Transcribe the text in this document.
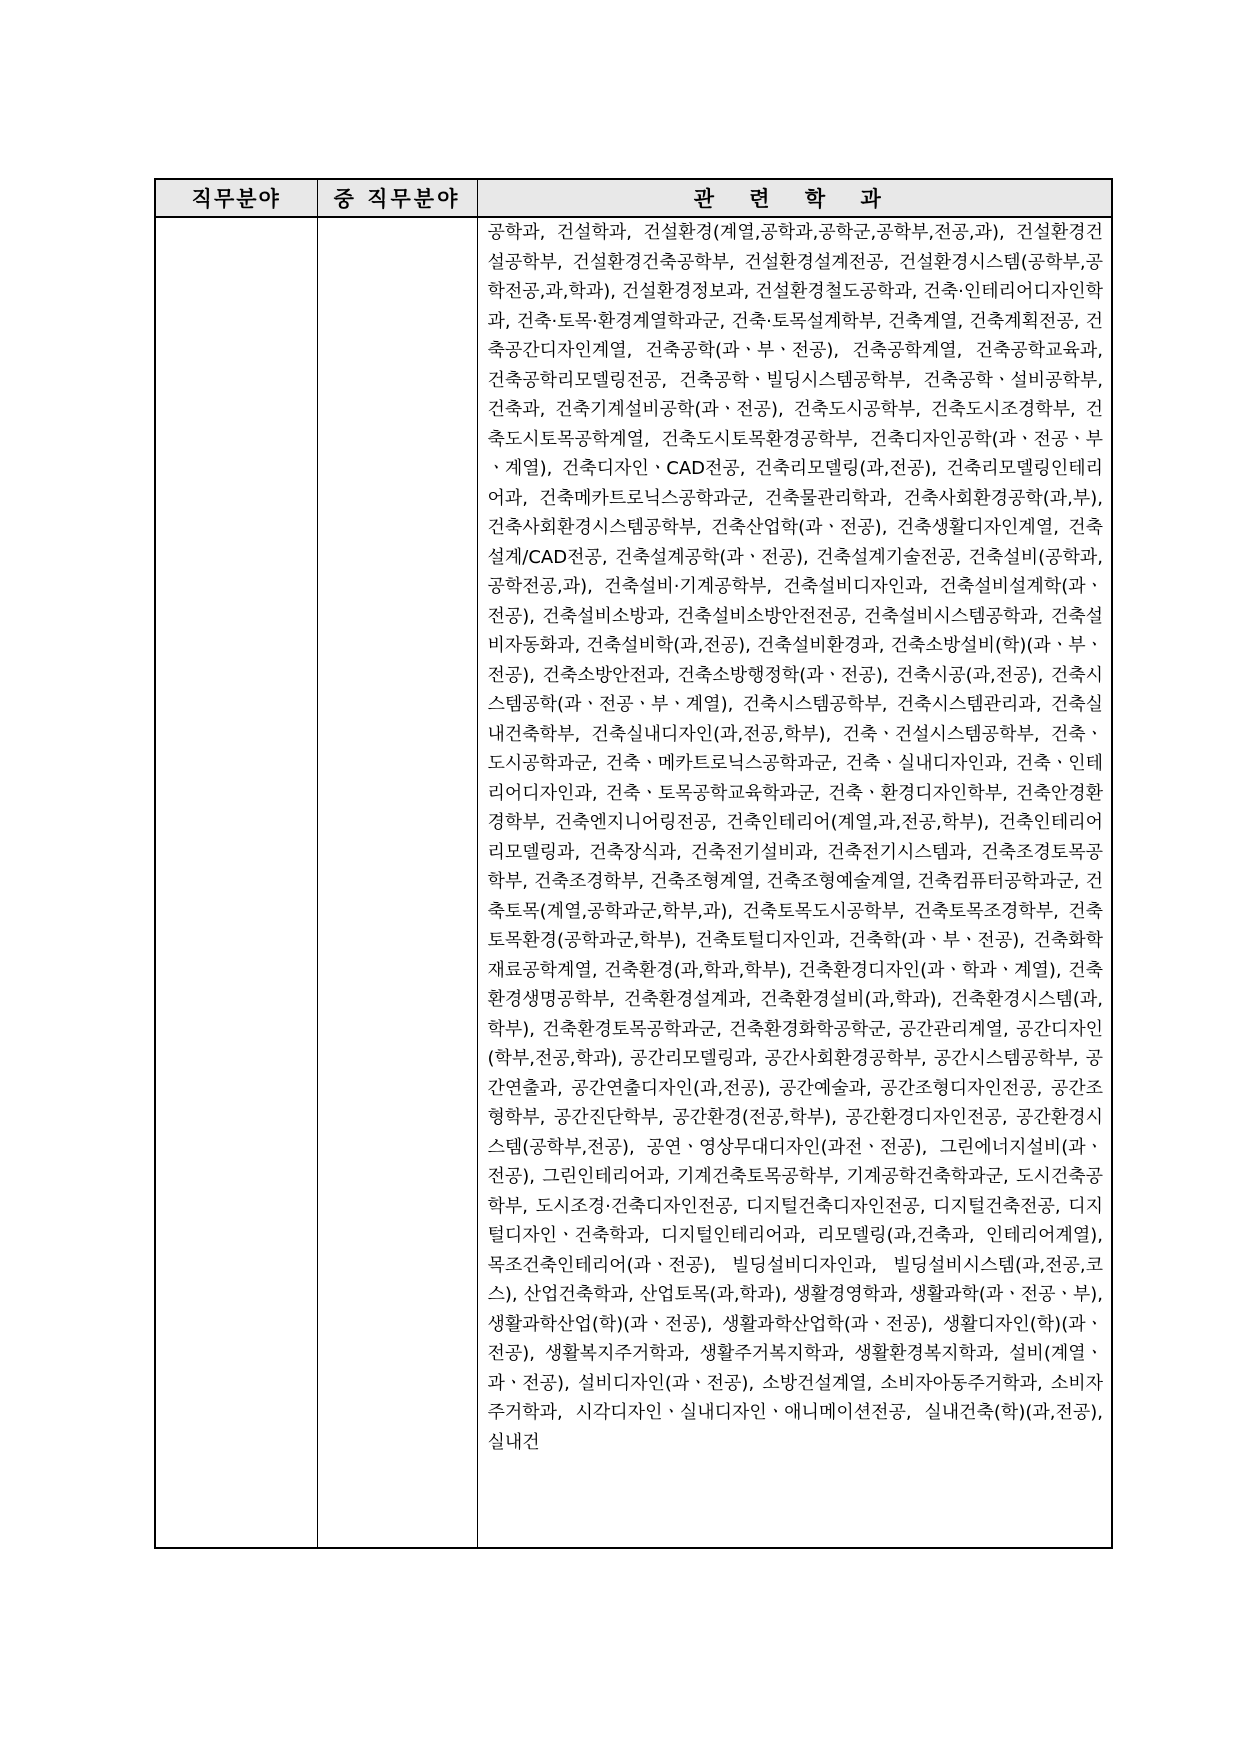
직무분야	중 직무분야	관 련 학 과

		공학과, 건설학과, 건설환경(계열,공학과,공학군,공학부,전공,과), 건설환경건설공학부, 건설환경건축공학부, 건설환경설계전공, 건설환경시스템(공학부,공학전공,과,학과), 건설환경정보과, 건설환경철도공학과, 건축·인테리어디자인학과, 건축·토목·환경계열학과군, 건축·토목설계학부, 건축계열, 건축계획전공, 건축공간디자인계열, 건축공학(과ㆍ부ㆍ전공), 건축공학계열, 건축공학교육과, 건축공학리모델링전공, 건축공학ㆍ빌딩시스템공학부, 건축공학ㆍ설비공학부, 건축과, 건축기계설비공학(과ㆍ전공), 건축도시공학부, 건축도시조경학부, 건축도시토목공학계열, 건축도시토목환경공학부, 건축디자인공학(과ㆍ전공ㆍ부ㆍ계열), 건축디자인ㆍCAD전공, 건축리모델링(과,전공), 건축리모델링인테리어과, 건축메카트로닉스공학과군, 건축물관리학과, 건축사회환경공학(과,부), 건축사회환경시스템공학부, 건축산업학(과ㆍ전공), 건축생활디자인계열, 건축설계/CAD전공, 건축설계공학(과ㆍ전공), 건축설계기술전공, 건축설비(공학과,공학전공,과), 건축설비·기계공학부, 건축설비디자인과, 건축설비설계학(과ㆍ전공), 건축설비소방과, 건축설비소방안전전공, 건축설비시스템공학과, 건축설비자동화과, 건축설비학(과,전공), 건축설비환경과, 건축소방설비(학)(과ㆍ부ㆍ전공), 건축소방안전과, 건축소방행정학(과ㆍ전공), 건축시공(과,전공), 건축시스템공학(과ㆍ전공ㆍ부ㆍ계열), 건축시스템공학부, 건축시스템관리과, 건축실내건축학부, 건축실내디자인(과,전공,학부), 건축ㆍ건설시스템공학부, 건축ㆍ도시공학과군, 건축ㆍ메카트로닉스공학과군, 건축ㆍ실내디자인과, 건축ㆍ인테리어디자인과, 건축ㆍ토목공학교육학과군, 건축ㆍ환경디자인학부, 건축안경환경학부, 건축엔지니어링전공, 건축인테리어(계열,과,전공,학부), 건축인테리어리모델링과, 건축장식과, 건축전기설비과, 건축전기시스템과, 건축조경토목공학부, 건축조경학부, 건축조형계열, 건축조형예술계열, 건축컴퓨터공학과군, 건축토목(계열,공학과군,학부,과), 건축토목도시공학부, 건축토목조경학부, 건축토목환경(공학과군,학부), 건축토털디자인과, 건축학(과ㆍ부ㆍ전공), 건축화학재료공학계열, 건축환경(과,학과,학부), 건축환경디자인(과ㆍ학과ㆍ계열), 건축환경생명공학부, 건축환경설계과, 건축환경설비(과,학과), 건축환경시스템(과,학부), 건축환경토목공학과군, 건축환경화학공학군, 공간관리계열, 공간디자인(학부,전공,학과), 공간리모델링과, 공간사회환경공학부, 공간시스템공학부, 공간연출과, 공간연출디자인(과,전공), 공간예술과, 공간조형디자인전공, 공간조형학부, 공간진단학부, 공간환경(전공,학부), 공간환경디자인전공, 공간환경시스템(공학부,전공), 공연ㆍ영상무대디자인(과전ㆍ전공), 그린에너지설비(과ㆍ전공), 그린인테리어과, 기계건축토목공학부, 기계공학건축학과군, 도시건축공학부, 도시조경·건축디자인전공, 디지털건축디자인전공, 디지털건축전공, 디지털디자인ㆍ건축학과, 디지털인테리어과, 리모델링(과,건축과, 인테리어계열), 목조건축인테리어(과ㆍ전공), 빌딩설비디자인과, 빌딩설비시스템(과,전공,코스), 산업건축학과, 산업토목(과,학과), 생활경영학과, 생활과학(과ㆍ전공ㆍ부), 생활과학산업(학)(과ㆍ전공), 생활과학산업학(과ㆍ전공), 생활디자인(학)(과ㆍ전공), 생활복지주거학과, 생활주거복지학과, 생활환경복지학과, 설비(계열ㆍ과ㆍ전공), 설비디자인(과ㆍ전공), 소방건설계열, 소비자아동주거학과, 소비자주거학과, 시각디자인ㆍ실내디자인ㆍ애니메이션전공, 실내건축(학)(과,전공), 실내건
